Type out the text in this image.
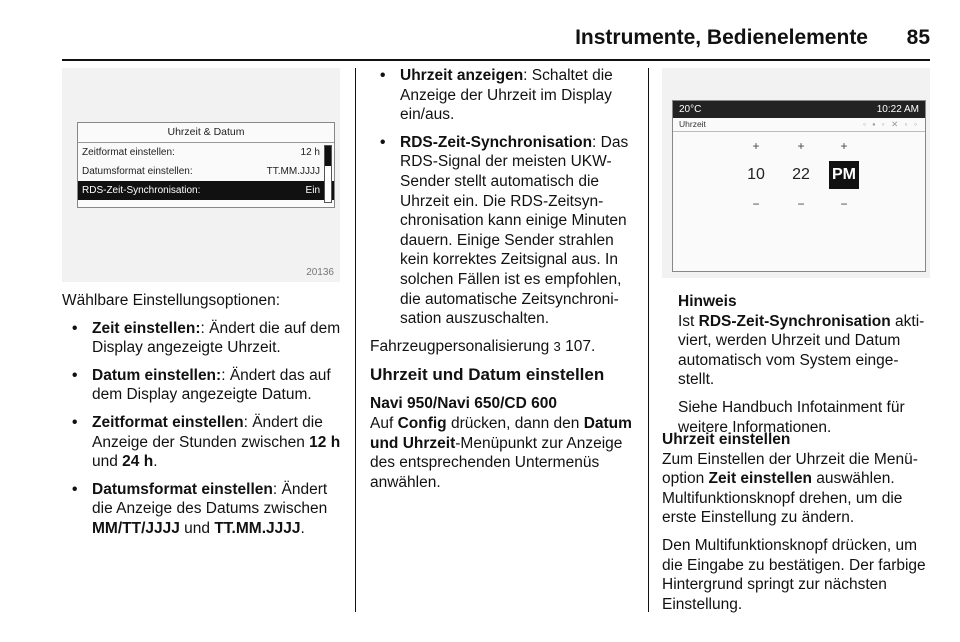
Instrumente, Bedienelemente 85
Uhrzeit & Datum
Zeitformat einstellen:	12 h
Datumsformat einstellen:	TT.MM.JJJJ
RDS-Zeit-Synchronisation:	Ein
20136

Wählbare Einstellungsoptionen:

• Zeit einstellen:: Ändert die auf dem Display angezeigte Uhrzeit.
• Datum einstellen:: Ändert das auf dem Display angezeigte Datum.
• Zeitformat einstellen: Ändert die Anzeige der Stunden zwischen 12 h und 24 h.
• Datumsformat einstellen: Ändert die Anzeige des Datums zwischen MM/TT/JJJJ und TT.MM.JJJJ.
• Uhrzeit anzeigen: Schaltet die Anzeige der Uhrzeit im Display ein/aus.
• RDS-Zeit-Synchronisation: Das RDS-Signal der meisten UKW-Sender stellt automatisch die Uhrzeit ein. Die RDS-Zeitsynchronisation kann einige Minuten dauern. Einige Sender strahlen kein korrektes Zeitsignal aus. In solchen Fällen ist es empfohlen, die automatische Zeitsynchronisation auszuschalten.

Fahrzeugpersonalisierung 3 107.

Uhrzeit und Datum einstellen

Navi 950/Navi 650/CD 600

Auf Config drücken, dann den Datum und Uhrzeit-Menüpunkt zur Anzeige des entsprechenden Untermenüs anwählen.

20°C	10:22 AM
Uhrzeit	◦ ▪ ◦ ✕ ◦ ◦
+
10
−
+
22
−
+
PM
−

Hinweis

Ist RDS-Zeit-Synchronisation aktiviert, werden Uhrzeit und Datum automatisch vom System eingestellt.

Siehe Handbuch Infotainment für weitere Informationen.

Uhrzeit einstellen

Zum Einstellen der Uhrzeit die Menüoption Zeit einstellen auswählen.

Multifunktionsknopf drehen, um die erste Einstellung zu ändern.

Den Multifunktionsknopf drücken, um die Eingabe zu bestätigen. Der farbige Hintergrund springt zur nächsten Einstellung.
